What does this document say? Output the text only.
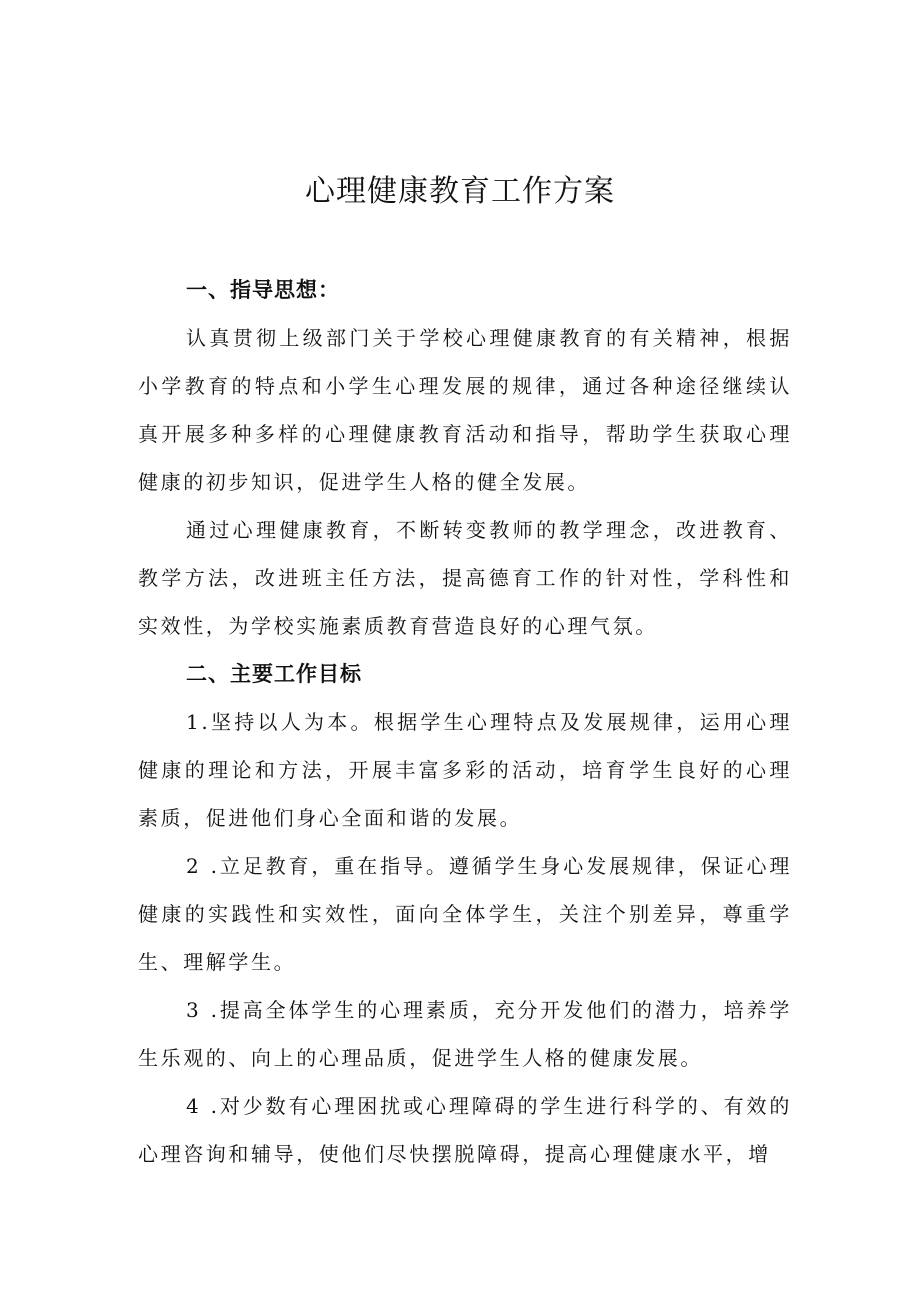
心理健康教育工作方案
一、指导思想：

认真贯彻上级部门关于学校心理健康教育的有关精神，根据小学教育的特点和小学生心理发展的规律，通过各种途径继续认真开展多种多样的心理健康教育活动和指导，帮助学生获取心理健康的初步知识，促进学生人格的健全发展。

通过心理健康教育，不断转变教师的教学理念，改进教育、教学方法，改进班主任方法，提高德育工作的针对性，学科性和实效性，为学校实施素质教育营造良好的心理气氛。

二、主要工作目标

1.坚持以人为本。根据学生心理特点及发展规律，运用心理健康的理论和方法，开展丰富多彩的活动，培育学生良好的心理素质，促进他们身心全面和谐的发展。

2 .立足教育，重在指导。遵循学生身心发展规律，保证心理健康的实践性和实效性，面向全体学生，关注个别差异，尊重学生、理解学生。

3 .提高全体学生的心理素质，充分开发他们的潜力，培养学生乐观的、向上的心理品质，促进学生人格的健康发展。

4 .对少数有心理困扰或心理障碍的学生进行科学的、有效的心理咨询和辅导，使他们尽快摆脱障碍，提高心理健康水平，增
